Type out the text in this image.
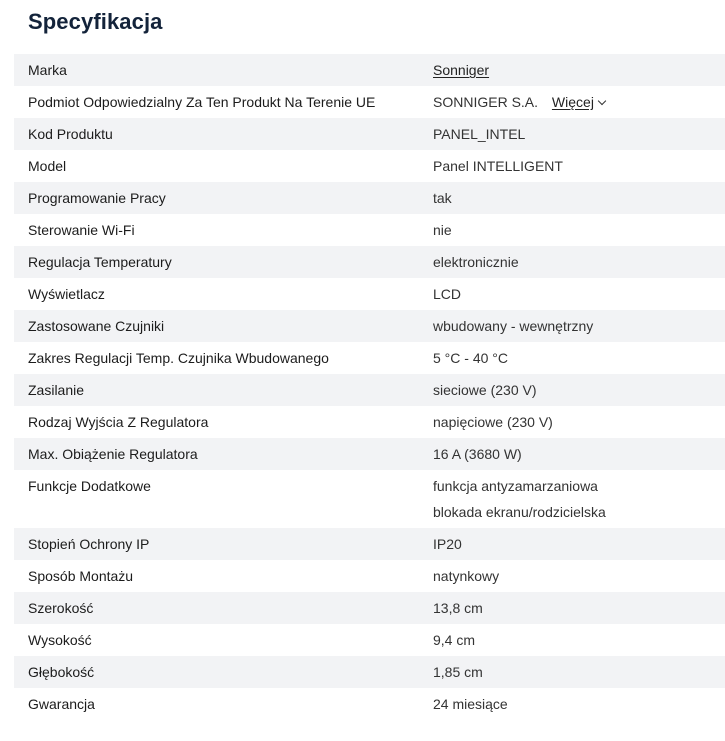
Specyfikacja
Marka	Sonniger
Podmiot Odpowiedzialny Za Ten Produkt Na Terenie UE	SONNIGER S.A. Więcej
Kod Produktu	PANEL_INTEL
Model	Panel INTELLIGENT
Programowanie Pracy	tak
Sterowanie Wi-Fi	nie
Regulacja Temperatury	elektronicznie
Wyświetlacz	LCD
Zastosowane Czujniki	wbudowany - wewnętrzny
Zakres Regulacji Temp. Czujnika Wbudowanego	5 °C - 40 °C
Zasilanie	sieciowe (230 V)
Rodzaj Wyjścia Z Regulatora	napięciowe (230 V)
Max. Obiążenie Regulatora	16 A (3680 W)
Funkcje Dodatkowe	funkcja antyzamarzaniowa
blokada ekranu/rodzicielska
Stopień Ochrony IP	IP20
Sposób Montażu	natynkowy
Szerokość	13,8 cm
Wysokość	9,4 cm
Głębokość	1,85 cm
Gwarancja	24 miesiące
